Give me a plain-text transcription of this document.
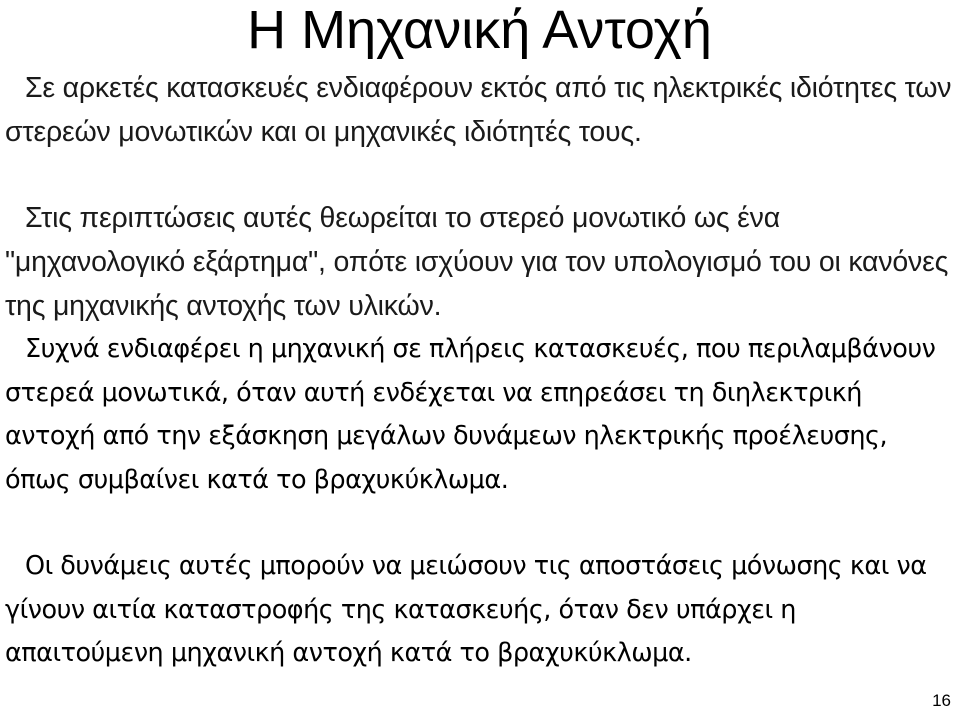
Η Μηχανική Αντοχή

Σε αρκετές κατασκευές ενδιαφέρουν εκτός από τις ηλεκτρικές ιδιότητες των στερεών μονωτικών και οι μηχανικές ιδιότητές τους.

Στις περιπτώσεις αυτές θεωρείται το στερεό μονωτικό ως ένα "μηχανολογικό εξάρτημα", οπότε ισχύουν για τον υπολογισμό του οι κανόνες της μηχανικής αντοχής των υλικών.

Συχνά ενδιαφέρει η μηχανική σε πλήρεις κατασκευές, που περιλαμβάνουν στερεά μονωτικά, όταν αυτή ενδέχεται να επηρεάσει τη διηλεκτρική αντοχή από την εξάσκηση μεγάλων δυνάμεων ηλεκτρικής προέλευσης, όπως συμβαίνει κατά το βραχυκύκλωμα.

Οι δυνάμεις αυτές μπορούν να μειώσουν τις αποστάσεις μόνωσης και να γίνουν αιτία καταστροφής της κατασκευής, όταν δεν υπάρχει η απαιτούμενη μηχανική αντοχή κατά το βραχυκύκλωμα.

16
